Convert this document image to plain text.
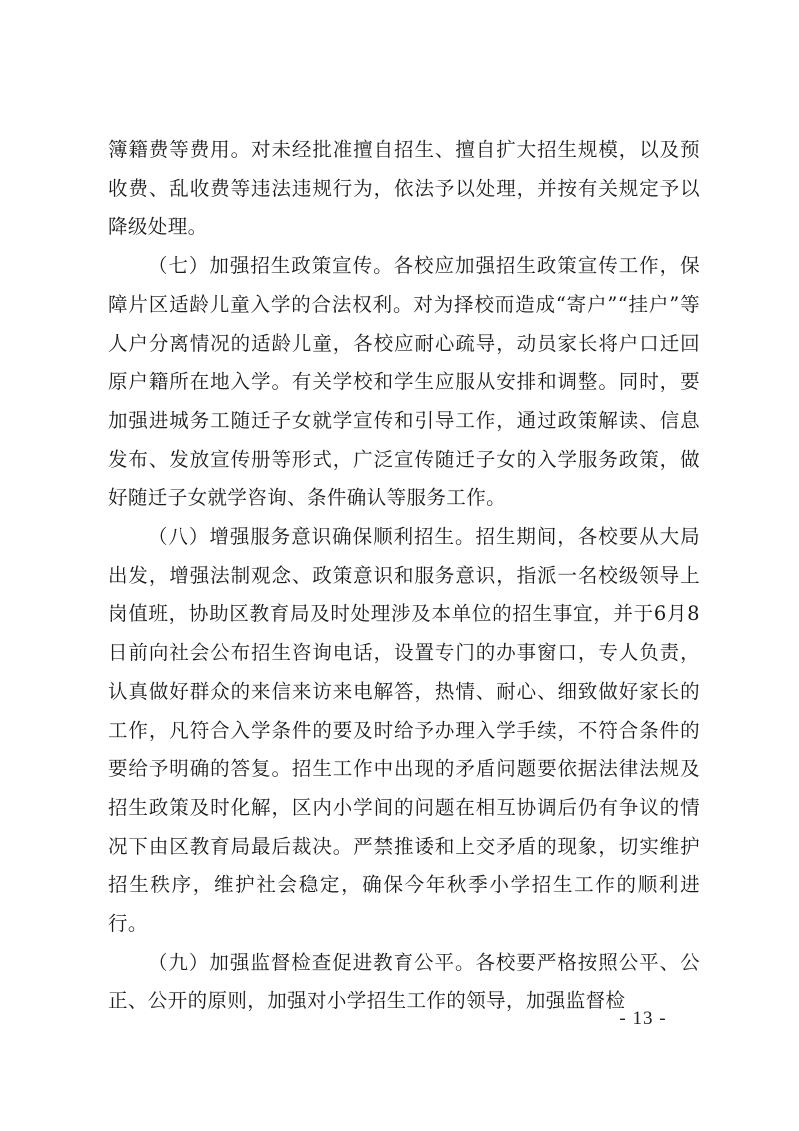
簿籍费等费用。对未经批准擅自招生、擅自扩大招生规模，以及预收费、乱收费等违法违规行为，依法予以处理，并按有关规定予以降级处理。

（七）加强招生政策宣传。各校应加强招生政策宣传工作，保障片区适龄儿童入学的合法权利。对为择校而造成“寄户”“挂户”等人户分离情况的适龄儿童，各校应耐心疏导，动员家长将户口迁回原户籍所在地入学。有关学校和学生应服从安排和调整。同时，要加强进城务工随迁子女就学宣传和引导工作，通过政策解读、信息发布、发放宣传册等形式，广泛宣传随迁子女的入学服务政策，做好随迁子女就学咨询、条件确认等服务工作。

（八）增强服务意识确保顺利招生。招生期间，各校要从大局出发，增强法制观念、政策意识和服务意识，指派一名校级领导上岗值班，协助区教育局及时处理涉及本单位的招生事宜，并于6月8日前向社会公布招生咨询电话，设置专门的办事窗口，专人负责，认真做好群众的来信来访来电解答，热情、耐心、细致做好家长的工作，凡符合入学条件的要及时给予办理入学手续，不符合条件的要给予明确的答复。招生工作中出现的矛盾问题要依据法律法规及招生政策及时化解，区内小学间的问题在相互协调后仍有争议的情况下由区教育局最后裁决。严禁推诿和上交矛盾的现象，切实维护招生秩序，维护社会稳定，确保今年秋季小学招生工作的顺利进行。

（九）加强监督检查促进教育公平。各校要严格按照公平、公正、公开的原则，加强对小学招生工作的领导，加强监督检

- 13 -
